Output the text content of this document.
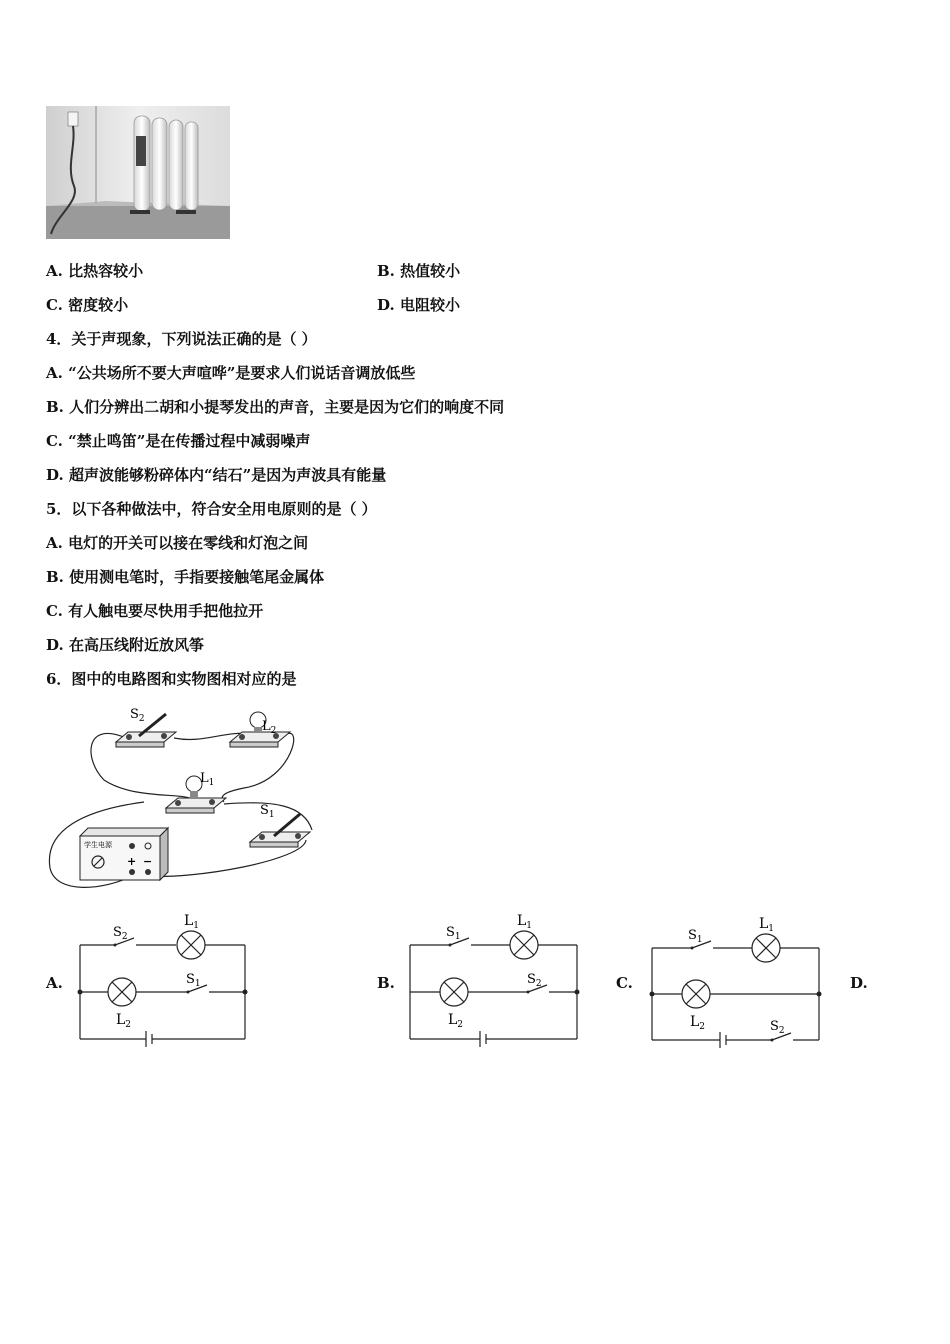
A. 比热容较小	B. 热值较小
C. 密度较小	D. 电阻较小
4．关于声现象，下列说法正确的是（ ）
A. “公共场所不要大声喧哗”是要求人们说话音调放低些
B. 人们分辨出二胡和小提琴发出的声音，主要是因为它们的响度不同
C. “禁止鸣笛”是在传播过程中减弱噪声
D. 超声波能够粉碎体内“结石”是因为声波具有能量
5．以下各种做法中，符合安全用电原则的是（ ）
A. 电灯的开关可以接在零线和灯泡之间
B. 使用测电笔时，手指要接触笔尾金属体
C. 有人触电要尽快用手把他拉开
D. 在高压线附近放风筝
6．图中的电路图和实物图相对应的是
$S_2$	$L_2$
$L_1$
$S_1$
学生电源
+ −
A.	B.	C.	D.
$S_2$
$L_1$
$S_1$
$L_2$
$S_1$
$L_1$
$S_2$
$L_2$
$S_1$
$L_1$
$L_2$	$S_2$
